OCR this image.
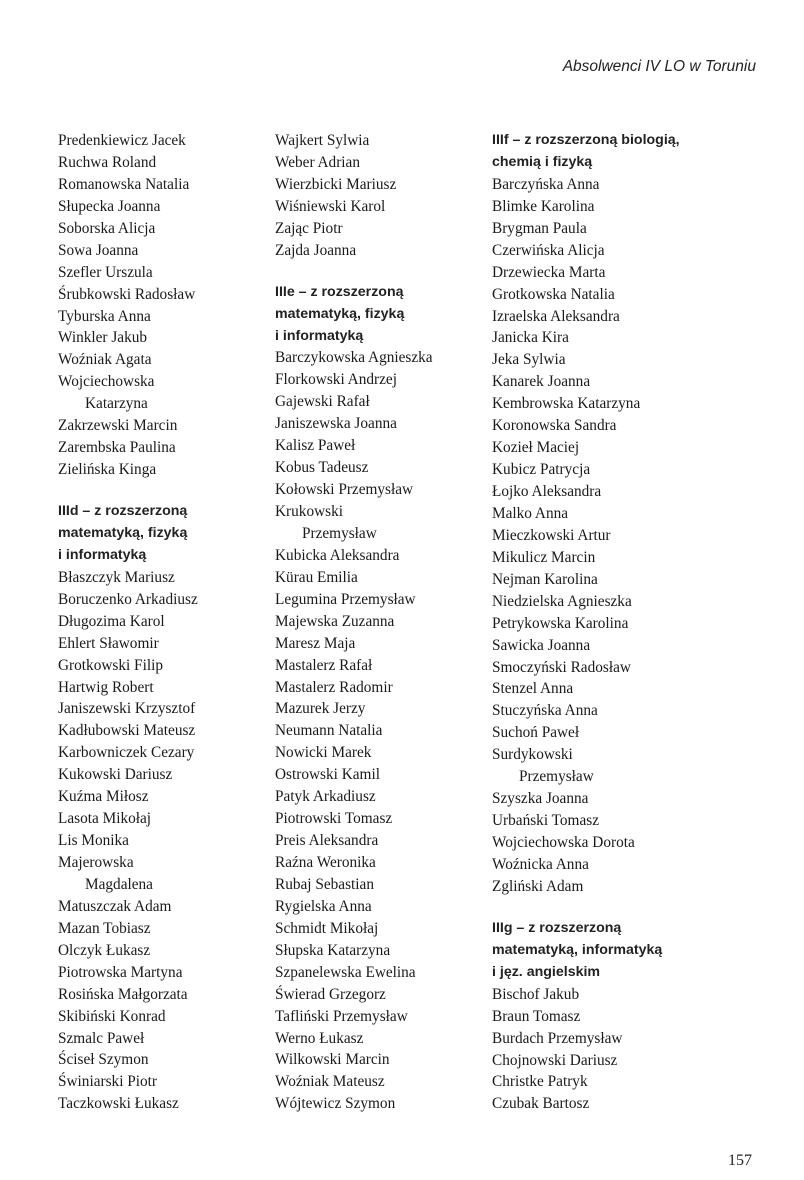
Absolwenci IV LO w Toruniu
Predenkiewicz Jacek
Ruchwa Roland
Romanowska Natalia
Słupecka Joanna
Soborska Alicja
Sowa Joanna
Szefler Urszula
Śrubkowski Radosław
Tyburska Anna
Winkler Jakub
Woźniak Agata
Wojciechowska
Katarzyna
Zakrzewski Marcin
Zarembska Paulina
Zielińska Kinga
IIId – z rozszerzoną
matematyką, fizyką
i informatyką
Błaszczyk Mariusz
Boruczenko Arkadiusz
Długozima Karol
Ehlert Sławomir
Grotkowski Filip
Hartwig Robert
Janiszewski Krzysztof
Kadłubowski Mateusz
Karbowniczek Cezary
Kukowski Dariusz
Kuźma Miłosz
Lasota Mikołaj
Lis Monika
Majerowska
Magdalena
Matuszczak Adam
Mazan Tobiasz
Olczyk Łukasz
Piotrowska Martyna
Rosińska Małgorzata
Skibiński Konrad
Szmalc Paweł
Ściseł Szymon
Świniarski Piotr
Taczkowski Łukasz
Wajkert Sylwia
Weber Adrian
Wierzbicki Mariusz
Wiśniewski Karol
Zając Piotr
Zajda Joanna
IIIe – z rozszerzoną
matematyką, fizyką
i informatyką
Barczykowska Agnieszka
Florkowski Andrzej
Gajewski Rafał
Janiszewska Joanna
Kalisz Paweł
Kobus Tadeusz
Kołowski Przemysław
Krukowski
Przemysław
Kubicka Aleksandra
Kürau Emilia
Legumina Przemysław
Majewska Zuzanna
Maresz Maja
Mastalerz Rafał
Mastalerz Radomir
Mazurek Jerzy
Neumann Natalia
Nowicki Marek
Ostrowski Kamil
Patyk Arkadiusz
Piotrowski Tomasz
Preis Aleksandra
Raźna Weronika
Rubaj Sebastian
Rygielska Anna
Schmidt Mikołaj
Słupska Katarzyna
Szpanelewska Ewelina
Świerad Grzegorz
Tafliński Przemysław
Werno Łukasz
Wilkowski Marcin
Woźniak Mateusz
Wójtewicz Szymon
IIIf – z rozszerzoną biologią,
chemią i fizyką
Barczyńska Anna
Blimke Karolina
Brygman Paula
Czerwińska Alicja
Drzewiecka Marta
Grotkowska Natalia
Izraelska Aleksandra
Janicka Kira
Jeka Sylwia
Kanarek Joanna
Kembrowska Katarzyna
Koronowska Sandra
Kozieł Maciej
Kubicz Patrycja
Łojko Aleksandra
Malko Anna
Mieczkowski Artur
Mikulicz Marcin
Nejman Karolina
Niedzielska Agnieszka
Petrykowska Karolina
Sawicka Joanna
Smoczyński Radosław
Stenzel Anna
Stuczyńska Anna
Suchoń Paweł
Surdykowski
Przemysław
Szyszka Joanna
Urbański Tomasz
Wojciechowska Dorota
Woźnicka Anna
Zgliński Adam
IIIg – z rozszerzoną
matematyką, informatyką
i jęz. angielskim
Bischof Jakub
Braun Tomasz
Burdach Przemysław
Chojnowski Dariusz
Christke Patryk
Czubak Bartosz
157
